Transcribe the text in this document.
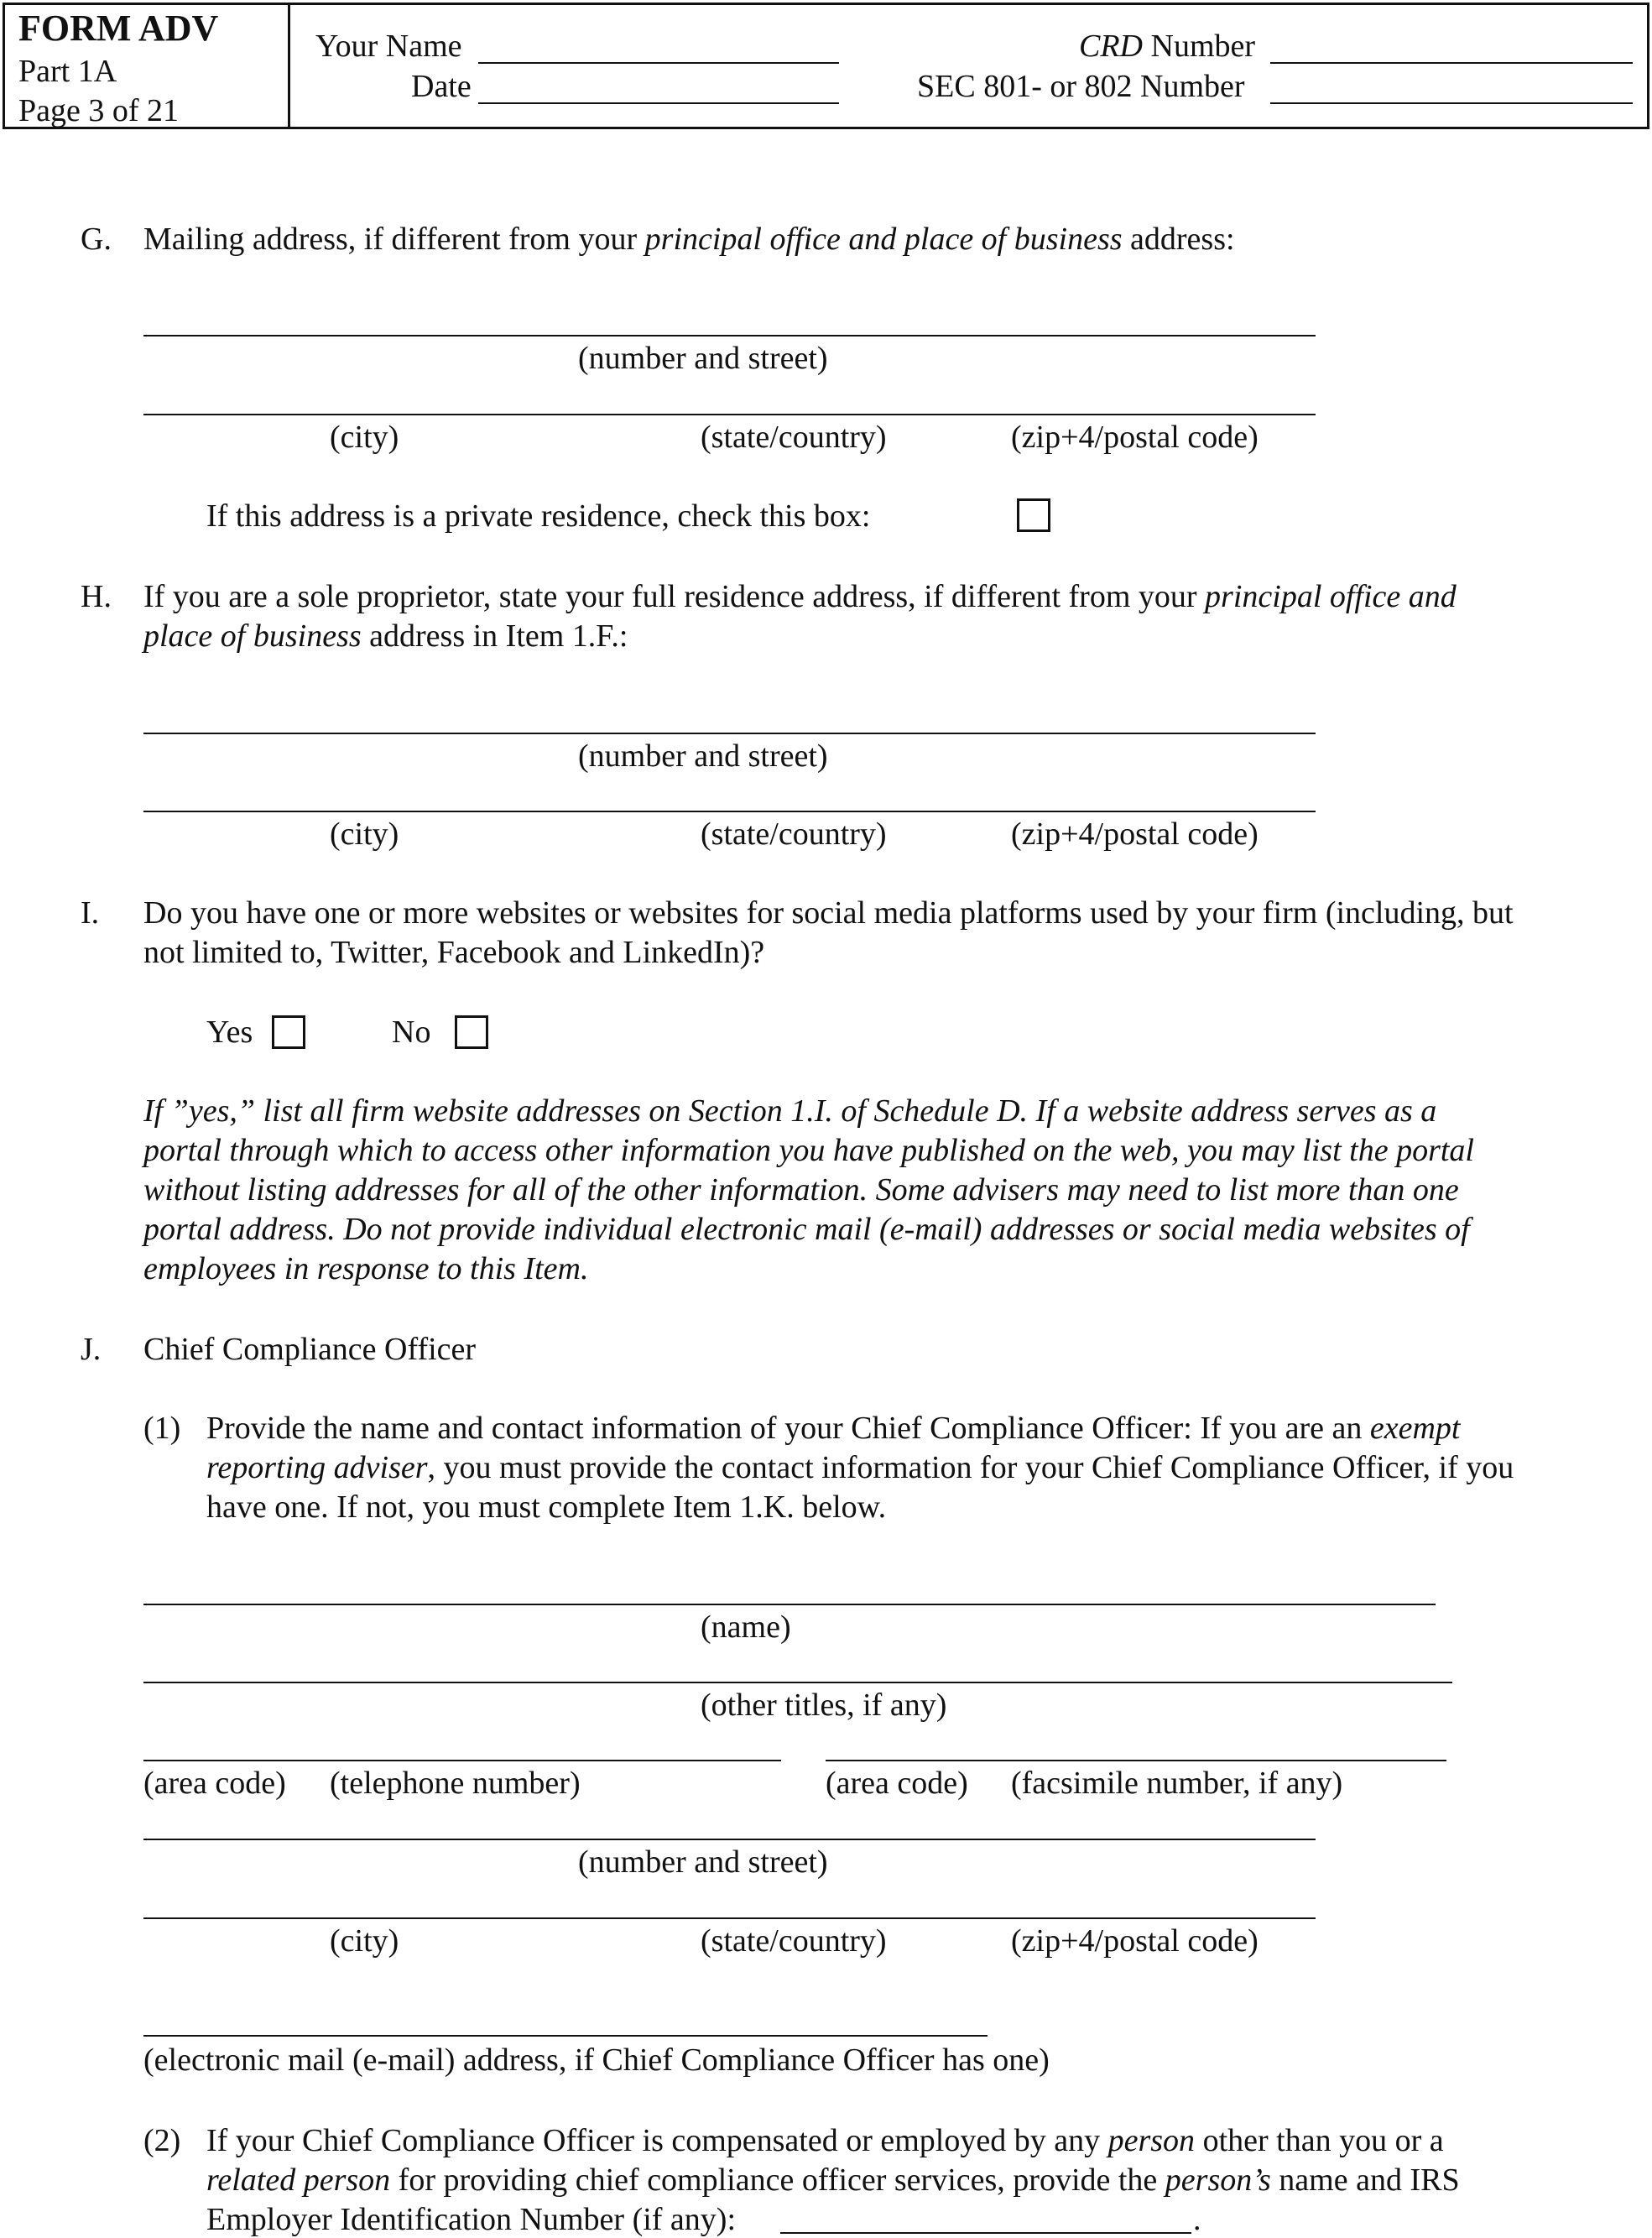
FORM ADV
Part 1A
Page 3 of 21
Your Name
Date
CRD Number
SEC 801- or 802 Number
G. Mailing address, if different from your principal office and place of business address:
(number and street)
(city)	(state/country)	(zip+4/postal code)
If this address is a private residence, check this box:
H. If you are a sole proprietor, state your full residence address, if different from your principal office and
place of business address in Item 1.F.:
(number and street)
(city)	(state/country)	(zip+4/postal code)
I. Do you have one or more websites or websites for social media platforms used by your firm (including, but
not limited to, Twitter, Facebook and LinkedIn)?
Yes	No
If ”yes,” list all firm website addresses on Section 1.I. of Schedule D. If a website address serves as a
portal through which to access other information you have published on the web, you may list the portal
without listing addresses for all of the other information. Some advisers may need to list more than one
portal address. Do not provide individual electronic mail (e-mail) addresses or social media websites of
employees in response to this Item.
J. Chief Compliance Officer
(1) Provide the name and contact information of your Chief Compliance Officer: If you are an exempt
reporting adviser, you must provide the contact information for your Chief Compliance Officer, if you
have one. If not, you must complete Item 1.K. below.
(name)
(other titles, if any)
(area code) (telephone number)	(area code) (facsimile number, if any)
(number and street)
(city)	(state/country)	(zip+4/postal code)
(electronic mail (e-mail) address, if Chief Compliance Officer has one)
(2) If your Chief Compliance Officer is compensated or employed by any person other than you or a
related person for providing chief compliance officer services, provide the person’s name and IRS
Employer Identification Number (if any):	.
